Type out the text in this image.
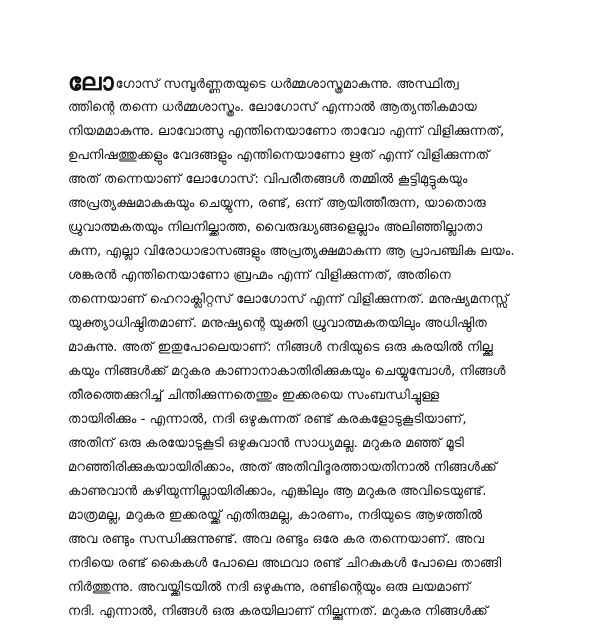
ലോഗോസ് സമ്പൂർണ്ണതയുടെ ധർമ്മശാസ്ത്രമാകുന്നു. അസ്ഥിത്വ
ത്തിന്റെ തന്നെ ധർമ്മശാസ്ത്രം. ലോഗോസ് എന്നാൽ ആത്യന്തികമായ
നിയമമാകുന്നു. ലാവോത്സു എന്തിനെയാണോ താവോ എന്ന് വിളിക്കുന്നത്,
ഉപനിഷത്തുക്കളും വേദങ്ങളും എന്തിനെയാണോ ഋത് എന്ന് വിളിക്കുന്നത്
അത് തന്നെയാണ് ലോഗോസ്: വിപരീതങ്ങൾ തമ്മിൽ കൂട്ടിമുട്ടുകയും
അപ്രത്യക്ഷമാകുകയും ചെയ്യുന്ന, രണ്ട്, ഒന്ന് ആയിത്തീരുന്ന, യാതൊരു
ധ്രുവാത്മകതയും നിലനില്ക്കാത്ത, വൈരുദ്ധ്യങ്ങളെല്ലാം അലിഞ്ഞില്ലാതാ
കുന്ന, എല്ലാ വിരോധാഭാസങ്ങളും അപ്രത്യക്ഷമാകുന്ന ആ പ്രാപഞ്ചിക ലയം.
ശങ്കരൻ എന്തിനെയാണോ ബ്രഹ്മം എന്ന് വിളിക്കുന്നത്, അതിനെ
തന്നെയാണ് ഹെറാക്ലിറ്റസ് ലോഗോസ് എന്ന് വിളിക്കുന്നത്. മനുഷ്യമനസ്സ്
യുക്ത്യാധിഷ്ഠിതമാണ്. മനുഷ്യന്റെ യുക്തി ധ്രുവാത്മകതയിലും അധിഷ്ഠിത
മാകുന്നു. അത് ഇതുപോലെയാണ്: നിങ്ങൾ നദിയുടെ ഒരു കരയിൽ നില്ക്കു
കയും നിങ്ങൾക്ക് മറുകര കാണാനാകാതിരിക്കുകയും ചെയ്യുമ്പോൾ, നിങ്ങൾ
തീരത്തെക്കുറിച്ച് ചിന്തിക്കുന്നതെന്തും ഇക്കരയെ സംബന്ധിച്ചുള്ള
തായിരിക്കും - എന്നാൽ, നദി ഒഴുകുന്നത് രണ്ട് കരകളോടുകൂടിയാണ്,
അതിന് ഒരു കരയോടുകൂടി ഒഴുകുവാൻ സാധ്യമല്ല. മറുകര മഞ്ഞ് മൂടി
മറഞ്ഞിരിക്കുകയായിരിക്കാം, അത് അതിവിദൂരത്തായതിനാൽ നിങ്ങൾക്ക്
കാണുവാൻ കഴിയുന്നില്ലായിരിക്കാം, എങ്കിലും ആ മറുകര അവിടെയുണ്ട്.
മാത്രമല്ല, മറുകര ഇക്കരയ്ക്ക് എതിരുമല്ല, കാരണം, നദിയുടെ ആഴത്തിൽ
അവ രണ്ടും സന്ധിക്കുന്നുണ്ട്. അവ രണ്ടും ഒരേ കര തന്നെയാണ്. അവ
നദിയെ രണ്ട് കൈകൾ പോലെ അഥവാ രണ്ട് ചിറകുകൾ പോലെ താങ്ങി
നിർത്തുന്നു. അവയ്ക്കിടയിൽ നദി ഒഴുകുന്നു, രണ്ടിന്റെയും ഒരു ലയമാണ്
നദി. എന്നാൽ, നിങ്ങൾ ഒരു കരയിലാണ് നില്ക്കുന്നത്. മറുകര നിങ്ങൾക്ക്
